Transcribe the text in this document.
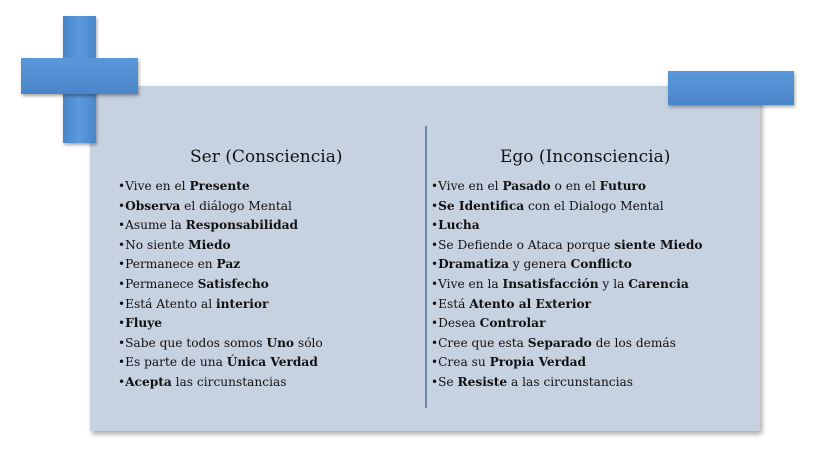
Ser (Consciencia)
• Vive en el Presente
• Observa el diálogo Mental
• Asume la Responsabilidad
• No siente Miedo
• Permanece en Paz
• Permanece Satisfecho
• Está Atento al interior
• Fluye
• Sabe que todos somos Uno sólo
• Es parte de una Única Verdad
• Acepta las circunstancias
Ego (Inconsciencia)
• Vive en el Pasado o en el Futuro
• Se Identifica con el Dialogo Mental
• Lucha
• Se Defiende o Ataca porque siente Miedo
• Dramatiza y genera Conflicto
• Vive en la Insatisfacción y la Carencia
• Está Atento al Exterior
• Desea Controlar
• Cree que esta Separado de los demás
• Crea su Propia Verdad
• Se Resiste a las circunstancias
